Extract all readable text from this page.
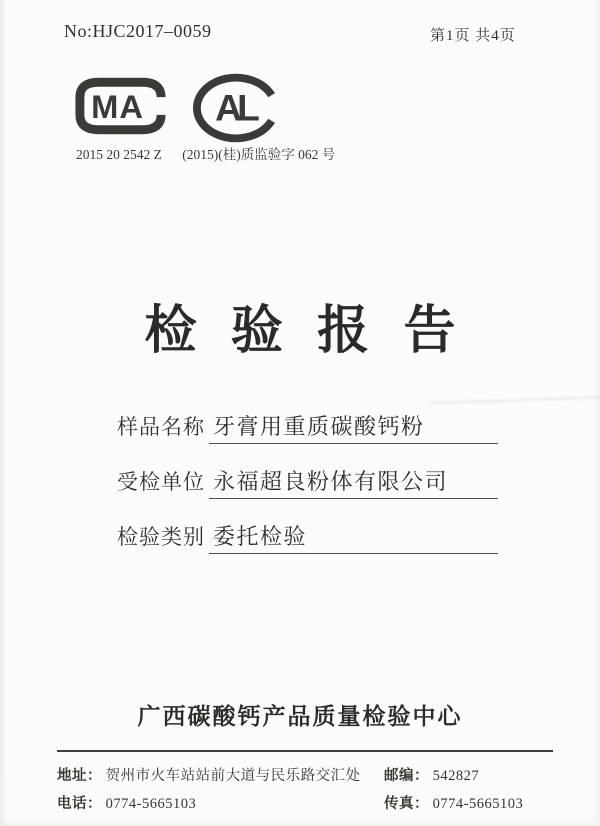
No:HJC2017–0059	第1页 共4页
MA AL
2015 20 2542 Z (2015)(桂)质监验字 062 号
检验报告
样品名称 牙膏用重质碳酸钙粉
受检单位 永福超良粉体有限公司
检验类别 委托检验
广西碳酸钙产品质量检验中心
地址： 贺州市火车站站前大道与民乐路交汇处	邮编： 542827
电话： 0774-5665103	传真： 0774-5665103
